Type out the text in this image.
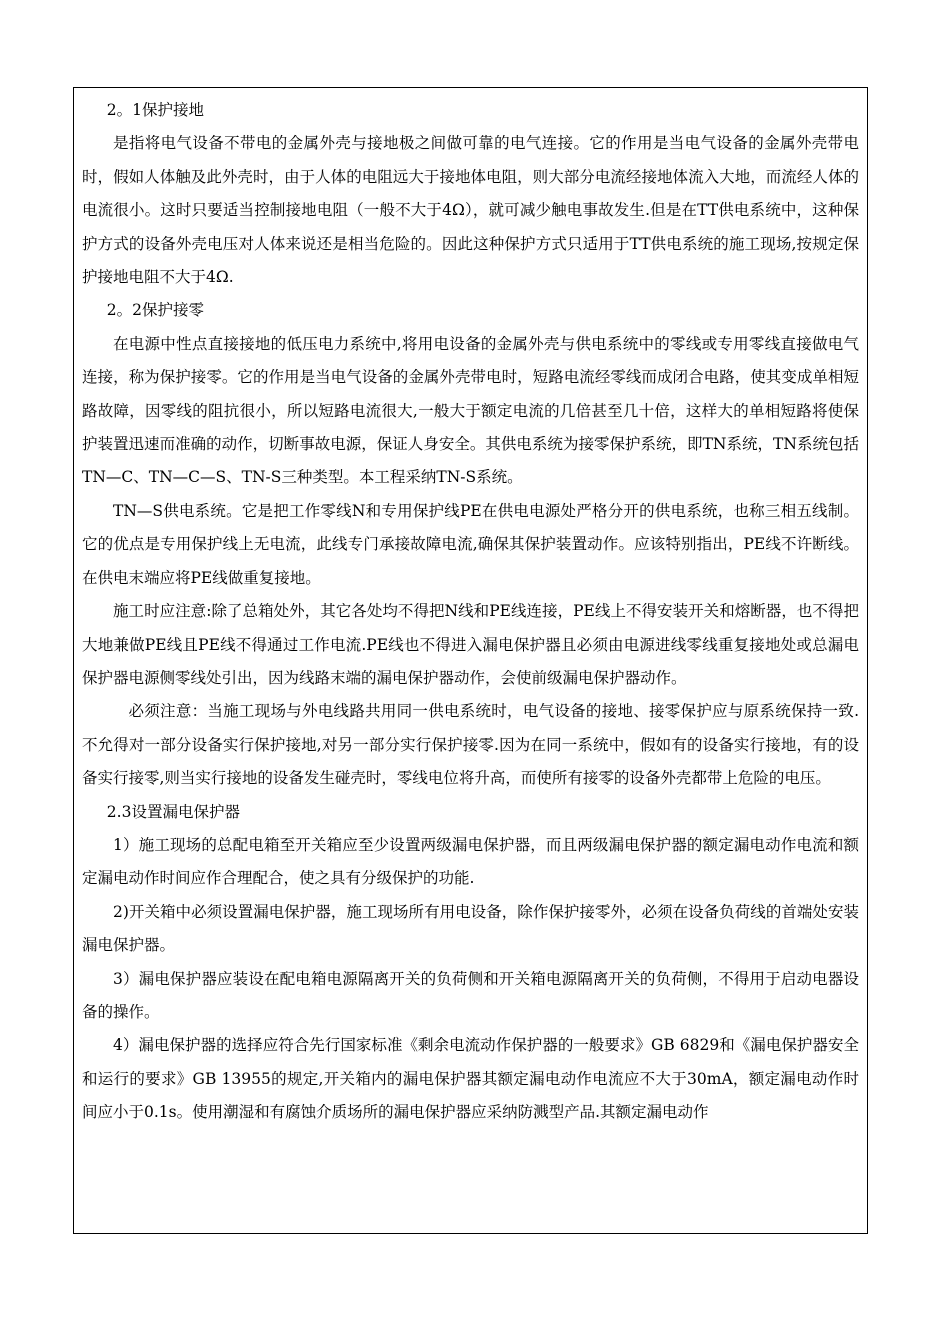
2。1保护接地

是指将电气设备不带电的金属外壳与接地极之间做可靠的电气连接。它的作用是当电气设备的金属外壳带电时，假如人体触及此外壳时，由于人体的电阻远大于接地体电阻，则大部分电流经接地体流入大地，而流经人体的电流很小。这时只要适当控制接地电阻（一般不大于4Ω），就可减少触电事故发生.但是在TT供电系统中，这种保护方式的设备外壳电压对人体来说还是相当危险的。因此这种保护方式只适用于TT供电系统的施工现场,按规定保护接地电阻不大于4Ω.

2。2保护接零

在电源中性点直接接地的低压电力系统中,将用电设备的金属外壳与供电系统中的零线或专用零线直接做电气连接，称为保护接零。它的作用是当电气设备的金属外壳带电时，短路电流经零线而成闭合电路，使其变成单相短路故障，因零线的阻抗很小，所以短路电流很大,一般大于额定电流的几倍甚至几十倍，这样大的单相短路将使保护装置迅速而准确的动作，切断事故电源，保证人身安全。其供电系统为接零保护系统，即TN系统，TN系统包括TN—C、TN—C—S、TN-S三种类型。本工程采纳TN-S系统。

TN—S供电系统。它是把工作零线N和专用保护线PE在供电电源处严格分开的供电系统，也称三相五线制。它的优点是专用保护线上无电流，此线专门承接故障电流,确保其保护装置动作。应该特别指出，PE线不许断线。在供电末端应将PE线做重复接地。

施工时应注意:除了总箱处外，其它各处均不得把N线和PE线连接，PE线上不得安装开关和熔断器，也不得把大地兼做PE线且PE线不得通过工作电流.PE线也不得进入漏电保护器且必须由电源进线零线重复接地处或总漏电保护器电源侧零线处引出，因为线路末端的漏电保护器动作，会使前级漏电保护器动作。

必须注意：当施工现场与外电线路共用同一供电系统时，电气设备的接地、接零保护应与原系统保持一致.不允得对一部分设备实行保护接地,对另一部分实行保护接零.因为在同一系统中，假如有的设备实行接地，有的设备实行接零,则当实行接地的设备发生碰壳时，零线电位将升高，而使所有接零的设备外壳都带上危险的电压。

2.3设置漏电保护器

1）施工现场的总配电箱至开关箱应至少设置两级漏电保护器，而且两级漏电保护器的额定漏电动作电流和额定漏电动作时间应作合理配合，使之具有分级保护的功能.

2)开关箱中必须设置漏电保护器，施工现场所有用电设备，除作保护接零外，必须在设备负荷线的首端处安装漏电保护器。

3）漏电保护器应装设在配电箱电源隔离开关的负荷侧和开关箱电源隔离开关的负荷侧，不得用于启动电器设备的操作。

4）漏电保护器的选择应符合先行国家标准《剩余电流动作保护器的一般要求》GB 6829和《漏电保护器安全和运行的要求》GB 13955的规定,开关箱内的漏电保护器其额定漏电动作电流应不大于30mA，额定漏电动作时间应小于0.1s。使用潮湿和有腐蚀介质场所的漏电保护器应采纳防溅型产品.其额定漏电动作
